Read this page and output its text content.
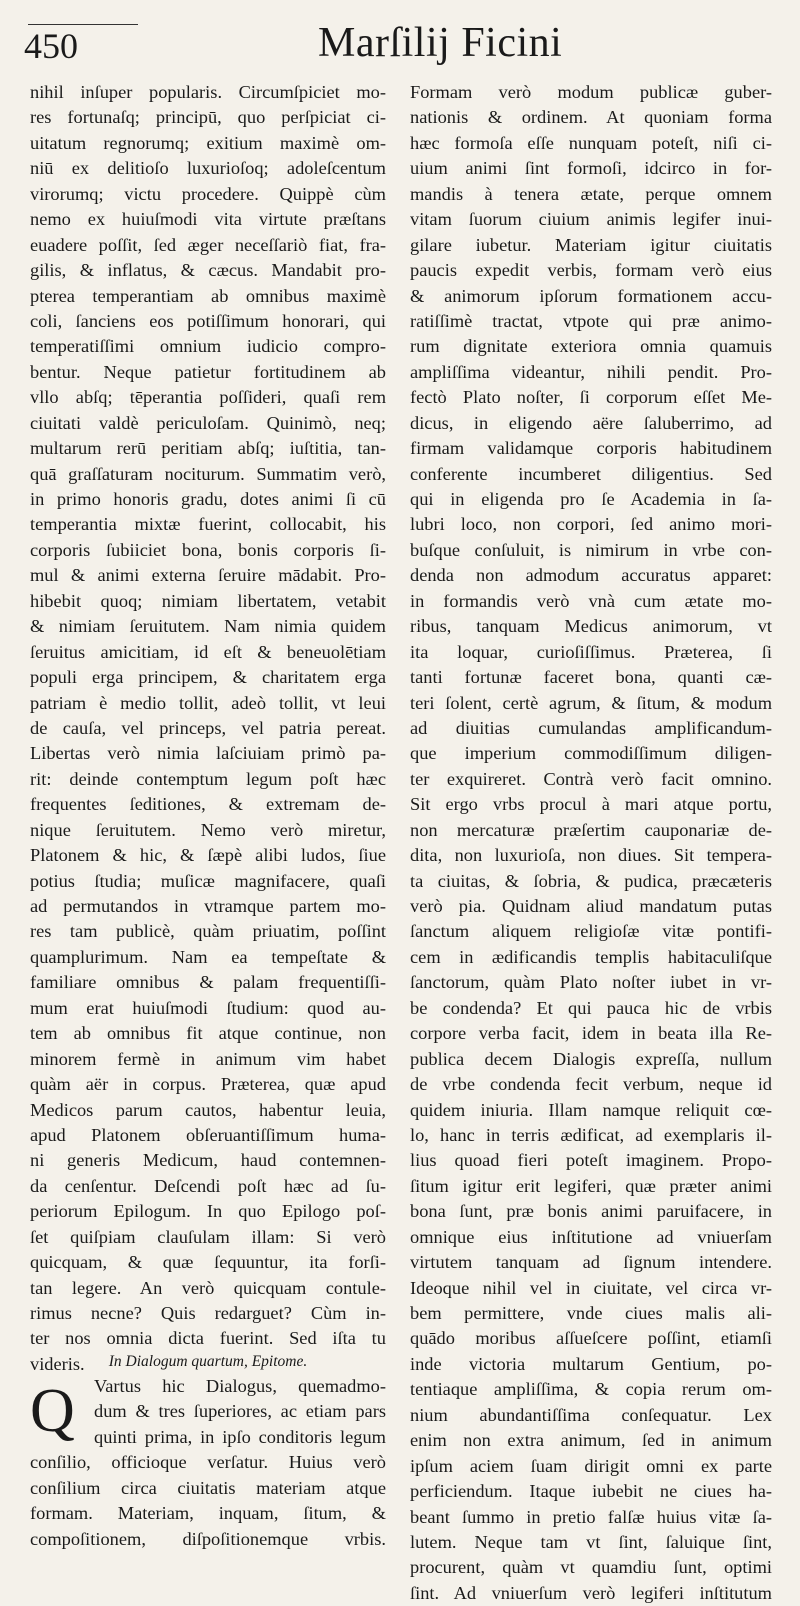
450	Marſilij Ficini
nihil inſuper popularis. Circumſpiciet mo-
res fortunaſq; principū, quo perſpiciat ci-
uitatum regnorumq; exitium maximè om-
niū ex delitioſo luxurioſoq; adoleſcentum
virorumq; victu procedere. Quippè cùm
nemo ex huiuſmodi vita virtute præſtans
euadere poſſit, ſed æger neceſſariò fiat, fra-
gilis, & inflatus, & cæcus. Mandabit pro-
pterea temperantiam ab omnibus maximè
coli, ſanciens eos potiſſimum honorari, qui
temperatiſſimi omnium iudicio compro-
bentur. Neque patietur fortitudinem ab
vllo abſq; tēperantia poſſideri, quaſi rem
ciuitati valdè periculoſam. Quinimò, neq;
multarum rerū peritiam abſq; iuſtitia, tan-
quā graſſaturam nociturum. Summatim verò,
in primo honoris gradu, dotes animi ſi cū
temperantia mixtæ fuerint, collocabit, his
corporis ſubiiciet bona, bonis corporis ſi-
mul & animi externa ſeruire mādabit. Pro-
hibebit quoq; nimiam libertatem, vetabit
& nimiam ſeruitutem. Nam nimia quidem
ſeruitus amicitiam, id eſt & beneuolētiam
populi erga principem, & charitatem erga
patriam è medio tollit, adeò tollit, vt leui
de cauſa, vel princeps, vel patria pereat.
Libertas verò nimia laſciuiam primò pa-
rit: deinde contemptum legum poſt hæc
frequentes ſeditiones, & extremam de-
nique ſeruitutem. Nemo verò miretur,
Platonem & hic, & ſæpè alibi ludos, ſiue
potius ſtudia; muſicæ magnifacere, quaſi
ad permutandos in vtramque partem mo-
res tam publicè, quàm priuatim, poſſint
quamplurimum. Nam ea tempeſtate &
familiare omnibus & palam frequentiſſi-
mum erat huiuſmodi ſtudium: quod au-
tem ab omnibus fit atque continue, non
minorem fermè in animum vim habet
quàm aër in corpus. Præterea, quæ apud
Medicos parum cautos, habentur leuia,
apud Platonem obſeruantiſſimum huma-
ni generis Medicum, haud contemnen-
da cenſentur. Deſcendi poſt hæc ad ſu-
periorum Epilogum. In quo Epilogo poſ-
ſet quiſpiam clauſulam illam: Si verò
quicquam, & quæ ſequuntur, ita forſi-
tan legere. An verò quicquam contule-
rimus necne? Quis redarguet? Cùm in-
ter nos omnia dicta fuerint. Sed iſta tu
videris.	In Dialogum quartum, Epitome.
Q	Vartus hic Dialogus, quemadmo-
dum & tres ſuperiores, ac etiam pars
quinti prima, in ipſo conditoris legum
conſilio, officioque verſatur. Huius verò
conſilium circa ciuitatis materiam atque
formam. Materiam, inquam, ſitum, &
compoſitionem, diſpoſitionemque vrbis.
Formam verò modum publicæ guber-
nationis & ordinem. At quoniam forma
hæc formoſa eſſe nunquam poteſt, niſi ci-
uium animi ſint formoſi, idcirco in for-
mandis à tenera ætate, perque omnem
vitam ſuorum ciuium animis legifer inui-
gilare iubetur. Materiam igitur ciuitatis
paucis expedit verbis, formam verò eius
& animorum ipſorum formationem accu-
ratiſſimè tractat, vtpote qui præ animo-
rum dignitate exteriora omnia quamuis
ampliſſima videantur, nihili pendit. Pro-
fectò Plato noſter, ſi corporum eſſet Me-
dicus, in eligendo aëre ſaluberrimo, ad
firmam validamque corporis habitudinem
conferente incumberet diligentius. Sed
qui in eligenda pro ſe Academia in ſa-
lubri loco, non corpori, ſed animo mori-
buſque conſuluit, is nimirum in vrbe con-
denda non admodum accuratus apparet:
in formandis verò vnà cum ætate mo-
ribus, tanquam Medicus animorum, vt
ita loquar, curioſiſſimus. Præterea, ſi
tanti fortunæ faceret bona, quanti cæ-
teri ſolent, certè agrum, & ſitum, & modum
ad diuitias cumulandas amplificandum-
que imperium commodiſſimum diligen-
ter exquireret. Contrà verò facit omnino.
Sit ergo vrbs procul à mari atque portu,
non mercaturæ præſertim cauponariæ de-
dita, non luxurioſa, non diues. Sit tempera-
ta ciuitas, & ſobria, & pudica, præcæteris
verò pia. Quidnam aliud mandatum putas
ſanctum aliquem religioſæ vitæ pontifi-
cem in ædificandis templis habitaculiſque
ſanctorum, quàm Plato noſter iubet in vr-
be condenda? Et qui pauca hic de vrbis
corpore verba facit, idem in beata illa Re-
publica decem Dialogis expreſſa, nullum
de vrbe condenda fecit verbum, neque id
quidem iniuria. Illam namque reliquit cœ-
lo, hanc in terris ædificat, ad exemplaris il-
lius quoad fieri poteſt imaginem. Propo-
ſitum igitur erit legiferi, quæ præter animi
bona ſunt, præ bonis animi paruifacere, in
omnique eius inſtitutione ad vniuerſam
virtutem tanquam ad ſignum intendere.
Ideoque nihil vel in ciuitate, vel circa vr-
bem permittere, vnde ciues malis ali-
quādo moribus aſſueſcere poſſint, etiamſi
inde victoria multarum Gentium, po-
tentiaque ampliſſima, & copia rerum om-
nium abundantiſſima conſequatur. Lex
enim non extra animum, ſed in animum
ipſum aciem ſuam dirigit omni ex parte
perficiendum. Itaque iubebit ne ciues ha-
beant ſummo in pretio falſæ huius vitæ ſa-
lutem. Neque tam vt ſint, ſaluique ſint,
procurent, quàm vt quamdiu ſunt, optimi
ſint. Ad vniuerſum verò legiferi inſtitutum
